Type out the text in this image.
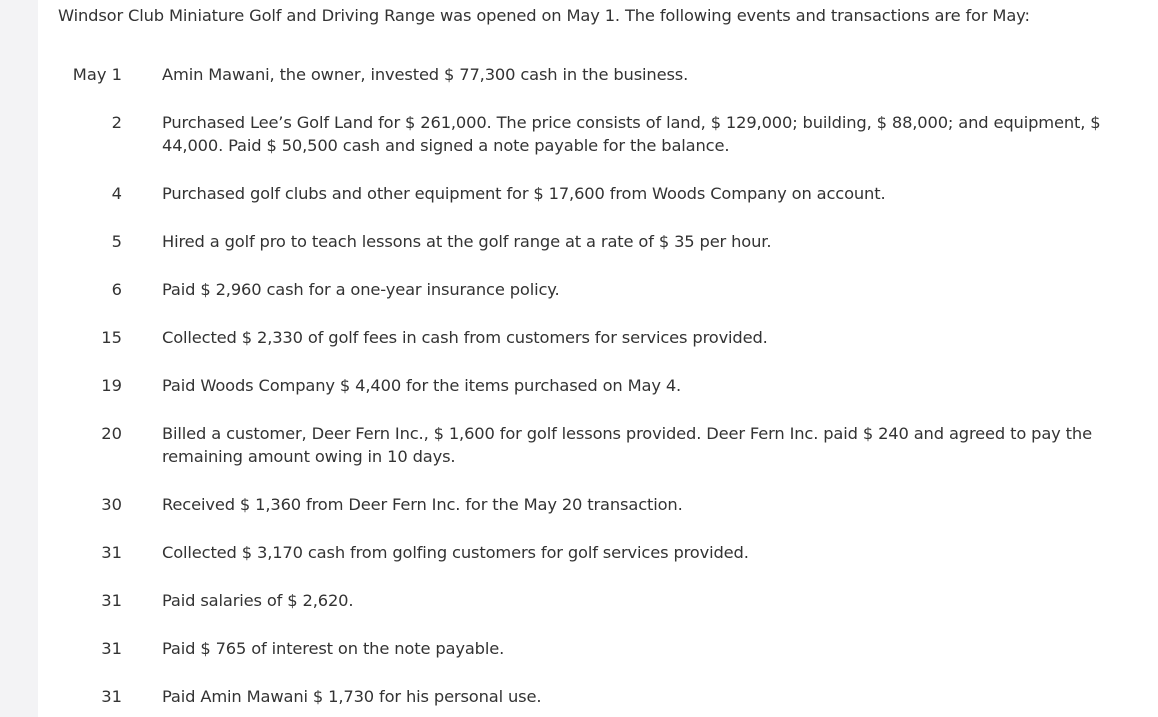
Windsor Club Miniature Golf and Driving Range was opened on May 1. The following events and transactions are for May:
May 1 Amin Mawani, the owner, invested $ 77,300 cash in the business.
2 Purchased Lee’s Golf Land for $ 261,000. The price consists of land, $ 129,000; building, $ 88,000; and equipment, $ 44,000. Paid $ 50,500 cash and signed a note payable for the balance.
4 Purchased golf clubs and other equipment for $ 17,600 from Woods Company on account.
5 Hired a golf pro to teach lessons at the golf range at a rate of $ 35 per hour.
6 Paid $ 2,960 cash for a one-year insurance policy.
15 Collected $ 2,330 of golf fees in cash from customers for services provided.
19 Paid Woods Company $ 4,400 for the items purchased on May 4.
20 Billed a customer, Deer Fern Inc., $ 1,600 for golf lessons provided. Deer Fern Inc. paid $ 240 and agreed to pay the remaining amount owing in 10 days.
30 Received $ 1,360 from Deer Fern Inc. for the May 20 transaction.
31 Collected $ 3,170 cash from golfing customers for golf services provided.
31 Paid salaries of $ 2,620.
31 Paid $ 765 of interest on the note payable.
31 Paid Amin Mawani $ 1,730 for his personal use.
